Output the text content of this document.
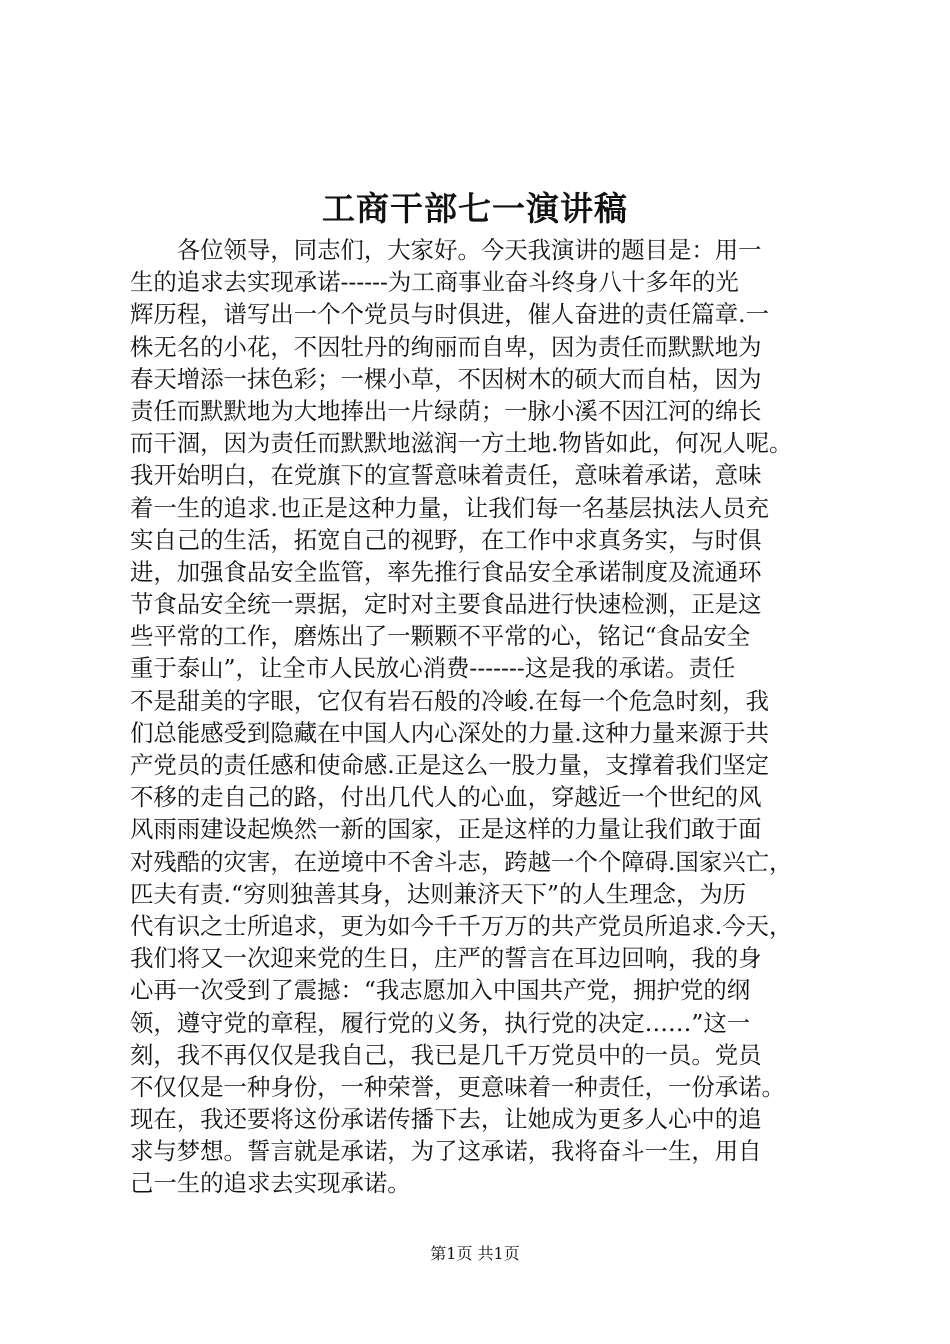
工商干部七一演讲稿
　　各位领导，同志们，大家好。今天我演讲的题目是：用一
生的追求去实现承诺------为工商事业奋斗终身八十多年的光
辉历程，谱写出一个个党员与时俱进，催人奋进的责任篇章.一
株无名的小花，不因牡丹的绚丽而自卑，因为责任而默默地为
春天增添一抹色彩；一棵小草，不因树木的硕大而自枯，因为
责任而默默地为大地捧出一片绿荫；一脉小溪不因江河的绵长
而干涸，因为责任而默默地滋润一方土地.物皆如此，何况人呢。
我开始明白，在党旗下的宣誓意味着责任，意味着承诺，意味
着一生的追求.也正是这种力量，让我们每一名基层执法人员充
实自己的生活，拓宽自己的视野，在工作中求真务实，与时俱
进，加强食品安全监管，率先推行食品安全承诺制度及流通环
节食品安全统一票据，定时对主要食品进行快速检测，正是这
些平常的工作，磨炼出了一颗颗不平常的心，铭记“食品安全
重于泰山”，让全市人民放心消费-------这是我的承诺。责任
不是甜美的字眼，它仅有岩石般的冷峻.在每一个危急时刻，我
们总能感受到隐藏在中国人内心深处的力量.这种力量来源于共
产党员的责任感和使命感.正是这么一股力量，支撑着我们坚定
不移的走自己的路，付出几代人的心血，穿越近一个世纪的风
风雨雨建设起焕然一新的国家，正是这样的力量让我们敢于面
对残酷的灾害，在逆境中不舍斗志，跨越一个个障碍.国家兴亡，
匹夫有责.“穷则独善其身，达则兼济天下”的人生理念，为历
代有识之士所追求，更为如今千千万万的共产党员所追求.今天，
我们将又一次迎来党的生日，庄严的誓言在耳边回响，我的身
心再一次受到了震撼：“我志愿加入中国共产党，拥护党的纲
领，遵守党的章程，履行党的义务，执行党的决定……”这一
刻，我不再仅仅是我自己，我已是几千万党员中的一员。党员
不仅仅是一种身份，一种荣誉，更意味着一种责任，一份承诺。
现在，我还要将这份承诺传播下去，让她成为更多人心中的追
求与梦想。誓言就是承诺，为了这承诺，我将奋斗一生，用自
己一生的追求去实现承诺。
第1页 共1页
